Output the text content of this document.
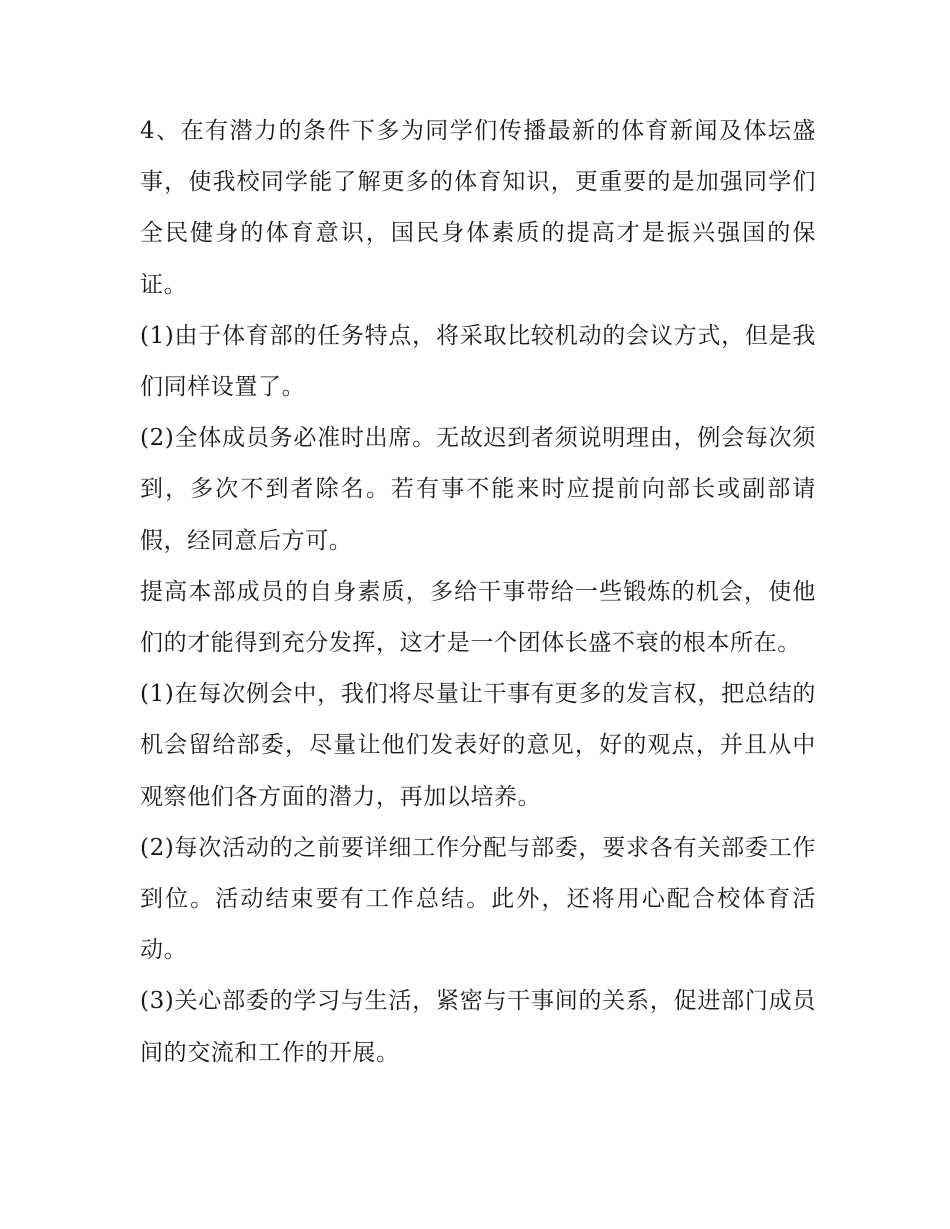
4、在有潜力的条件下多为同学们传播最新的体育新闻及体坛盛事，使我校同学能了解更多的体育知识，更重要的是加强同学们全民健身的体育意识，国民身体素质的提高才是振兴强国的保证。

(1)由于体育部的任务特点，将采取比较机动的会议方式，但是我们同样设置了。

(2)全体成员务必准时出席。无故迟到者须说明理由，例会每次须到，多次不到者除名。若有事不能来时应提前向部长或副部请假，经同意后方可。

提高本部成员的自身素质，多给干事带给一些锻炼的机会，使他们的才能得到充分发挥，这才是一个团体长盛不衰的根本所在。

(1)在每次例会中，我们将尽量让干事有更多的发言权，把总结的机会留给部委，尽量让他们发表好的意见，好的观点，并且从中观察他们各方面的潜力，再加以培养。

(2)每次活动的之前要详细工作分配与部委，要求各有关部委工作到位。活动结束要有工作总结。此外，还将用心配合校体育活动。

(3)关心部委的学习与生活，紧密与干事间的关系，促进部门成员间的交流和工作的开展。
